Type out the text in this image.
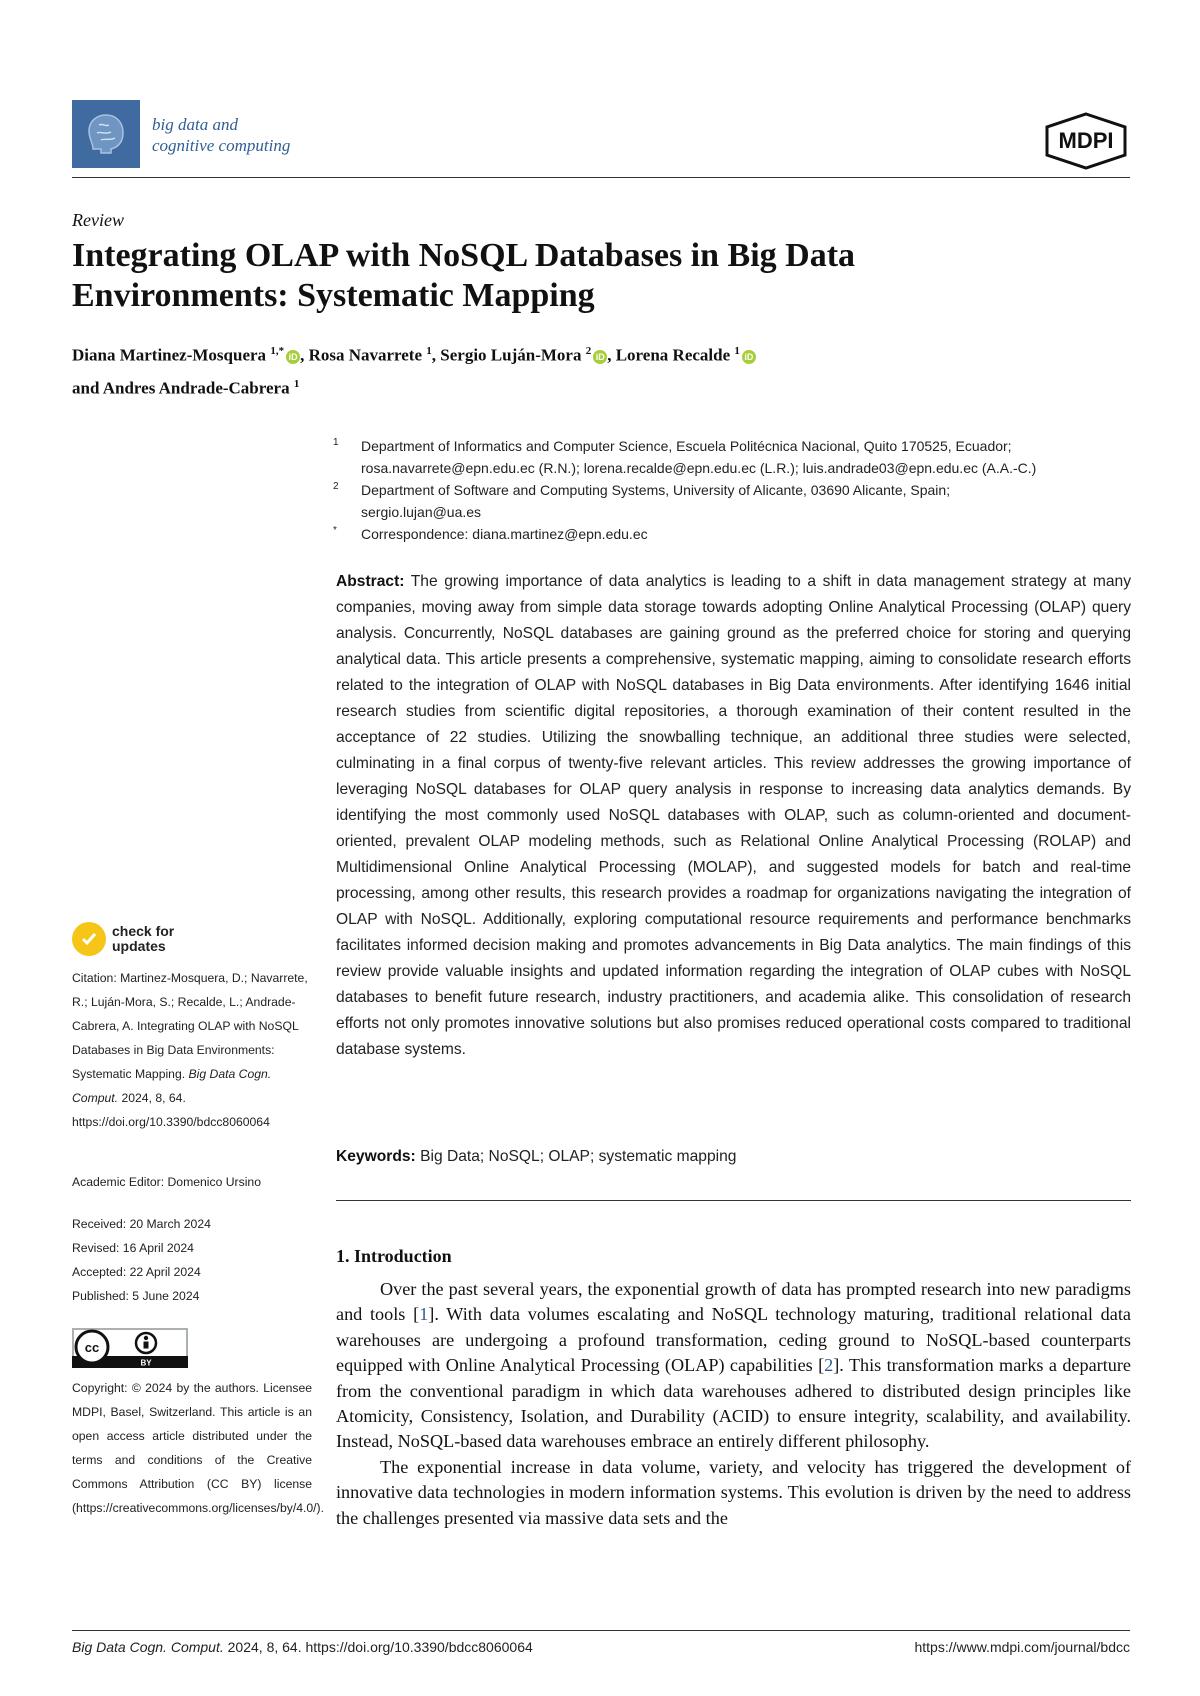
big data and
cognitive computing	MDPI
Review
Integrating OLAP with NoSQL Databases in Big Data
Environments: Systematic Mapping
Diana Martinez-Mosquera $^{1,*}$ iD , Rosa Navarrete $^1$, Sergio Luján-Mora $^2$ iD , Lorena Recalde $^1$ iD
and Andres Andrade-Cabrera $^1$
1 Department of Informatics and Computer Science, Escuela Politécnica Nacional, Quito 170525, Ecuador;
rosa.navarrete@epn.edu.ec (R.N.); lorena.recalde@epn.edu.ec (L.R.); luis.andrade03@epn.edu.ec (A.A.-C.)
2 Department of Software and Computing Systems, University of Alicante, 03690 Alicante, Spain;
sergio.lujan@ua.es
* Correspondence: diana.martinez@epn.edu.ec
Abstract: The growing importance of data analytics is leading to a shift in data management strategy at many companies, moving away from simple data storage towards adopting Online Analytical Processing (OLAP) query analysis. Concurrently, NoSQL databases are gaining ground as the preferred choice for storing and querying analytical data. This article presents a comprehensive, systematic mapping, aiming to consolidate research efforts related to the integration of OLAP with NoSQL databases in Big Data environments. After identifying 1646 initial research studies from scientific digital repositories, a thorough examination of their content resulted in the acceptance of 22 studies. Utilizing the snowballing technique, an additional three studies were selected, culminating in a final corpus of twenty-five relevant articles. This review addresses the growing importance of leveraging NoSQL databases for OLAP query analysis in response to increasing data analytics demands. By identifying the most commonly used NoSQL databases with OLAP, such as column-oriented and document-oriented, prevalent OLAP modeling methods, such as Relational Online Analytical Processing (ROLAP) and Multidimensional Online Analytical Processing (MOLAP), and suggested models for batch and real-time processing, among other results, this research provides a roadmap for organizations navigating the integration of OLAP with NoSQL. Additionally, exploring computational resource requirements and performance benchmarks facilitates informed decision making and promotes advancements in Big Data analytics. The main findings of this review provide valuable insights and updated information regarding the integration of OLAP cubes with NoSQL databases to benefit future research, industry practitioners, and academia alike. This consolidation of research efforts not only promotes innovative solutions but also promises reduced operational costs compared to traditional database systems.
Keywords: Big Data; NoSQL; OLAP; systematic mapping
1. Introduction

Over the past several years, the exponential growth of data has prompted research into new paradigms and tools [1]. With data volumes escalating and NoSQL technology maturing, traditional relational data warehouses are undergoing a profound transformation, ceding ground to NoSQL-based counterparts equipped with Online Analytical Processing (OLAP) capabilities [2]. This transformation marks a departure from the conventional paradigm in which data warehouses adhered to distributed design principles like Atomicity, Consistency, Isolation, and Durability (ACID) to ensure integrity, scalability, and availability. Instead, NoSQL-based data warehouses embrace an entirely different philosophy.

The exponential increase in data volume, variety, and velocity has triggered the development of innovative data technologies in modern information systems. This evolution is driven by the need to address the challenges presented via massive data sets and the

check for
updates
Citation: Martinez-Mosquera, D.; Navarrete, R.; Luján-Mora, S.; Recalde, L.; Andrade-Cabrera, A. Integrating OLAP with NoSQL Databases in Big Data Environments: Systematic Mapping. Big Data Cogn. Comput. 2024, 8, 64. https://doi.org/10.3390/bdcc8060064
Academic Editor: Domenico Ursino
Received: 20 March 2024
Revised: 16 April 2024
Accepted: 22 April 2024
Published: 5 June 2024
cc
BY
Copyright: © 2024 by the authors. Licensee MDPI, Basel, Switzerland. This article is an open access article distributed under the terms and conditions of the Creative Commons Attribution (CC BY) license (https://creativecommons.org/licenses/by/4.0/).
Big Data Cogn. Comput. 2024, 8, 64. https://doi.org/10.3390/bdcc8060064	https://www.mdpi.com/journal/bdcc
